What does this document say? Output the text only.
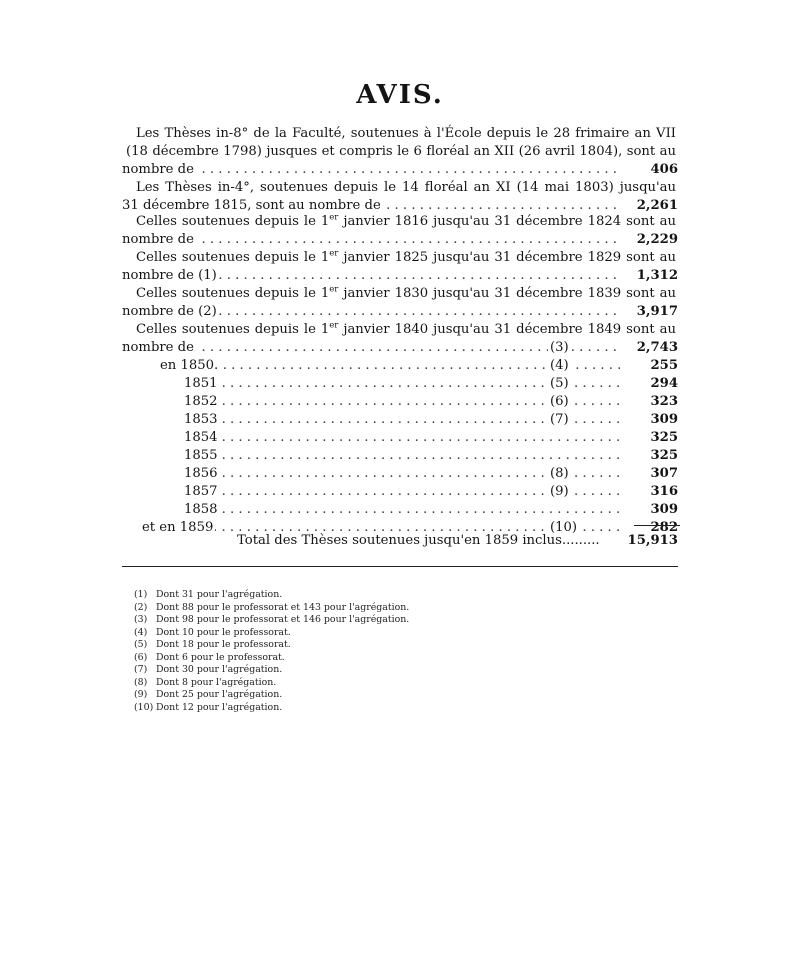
AVIS.
Les Thèses in-8° de la Faculté, soutenues à l'École depuis le 28 frimaire an VII
(18 décembre 1798) jusques et compris le 6 floréal an XII (26 avril 1804), sont au
.....
nombre de	406
Les Thèses in-4°, soutenues depuis le 14 floréal an XI (14 mai 1803) jusqu'au
.....
31 décembre 1815, sont au nombre de	2,261
Celles soutenues depuis le 1er janvier 1816 jusqu'au 31 décembre 1824 sont au
.....
nombre de	2,229
Celles soutenues depuis le 1er janvier 1825 jusqu'au 31 décembre 1829 sont au
.....
nombre de (1)	1,312
Celles soutenues depuis le 1er janvier 1830 jusqu'au 31 décembre 1839 sont au
.....
nombre de (2)	3,917
Celles soutenues depuis le 1er janvier 1840 jusqu'au 31 décembre 1849 sont au
.....
nombre de	(3)	2,743
.....
en 1850.	(4)	255
.....
1851	(5)	294
.....
1852	(6)	323
.....
1853	(7)	309
.....
1854	325
.....
1855	325
.....
1856	(8)	307
.....
1857	(9)	316
.....
1858	309
.....
et en 1859	(10)	282
Total des Thèses soutenues jusqu'en 1859 inclus......... 15,913
(1) Dont 31 pour l'agrégation.
(2) Dont 88 pour le professorat et 143 pour l'agrégation.
(3) Dont 98 pour le professorat et 146 pour l'agrégation.
(4) Dont 10 pour le professorat.
(5) Dont 18 pour le professorat.
(6) Dont 6 pour le professorat.
(7) Dont 30 pour l'agrégation.
(8) Dont 8 pour l'agrégation.
(9) Dont 25 pour l'agrégation.
(10) Dont 12 pour l'agrégation.
